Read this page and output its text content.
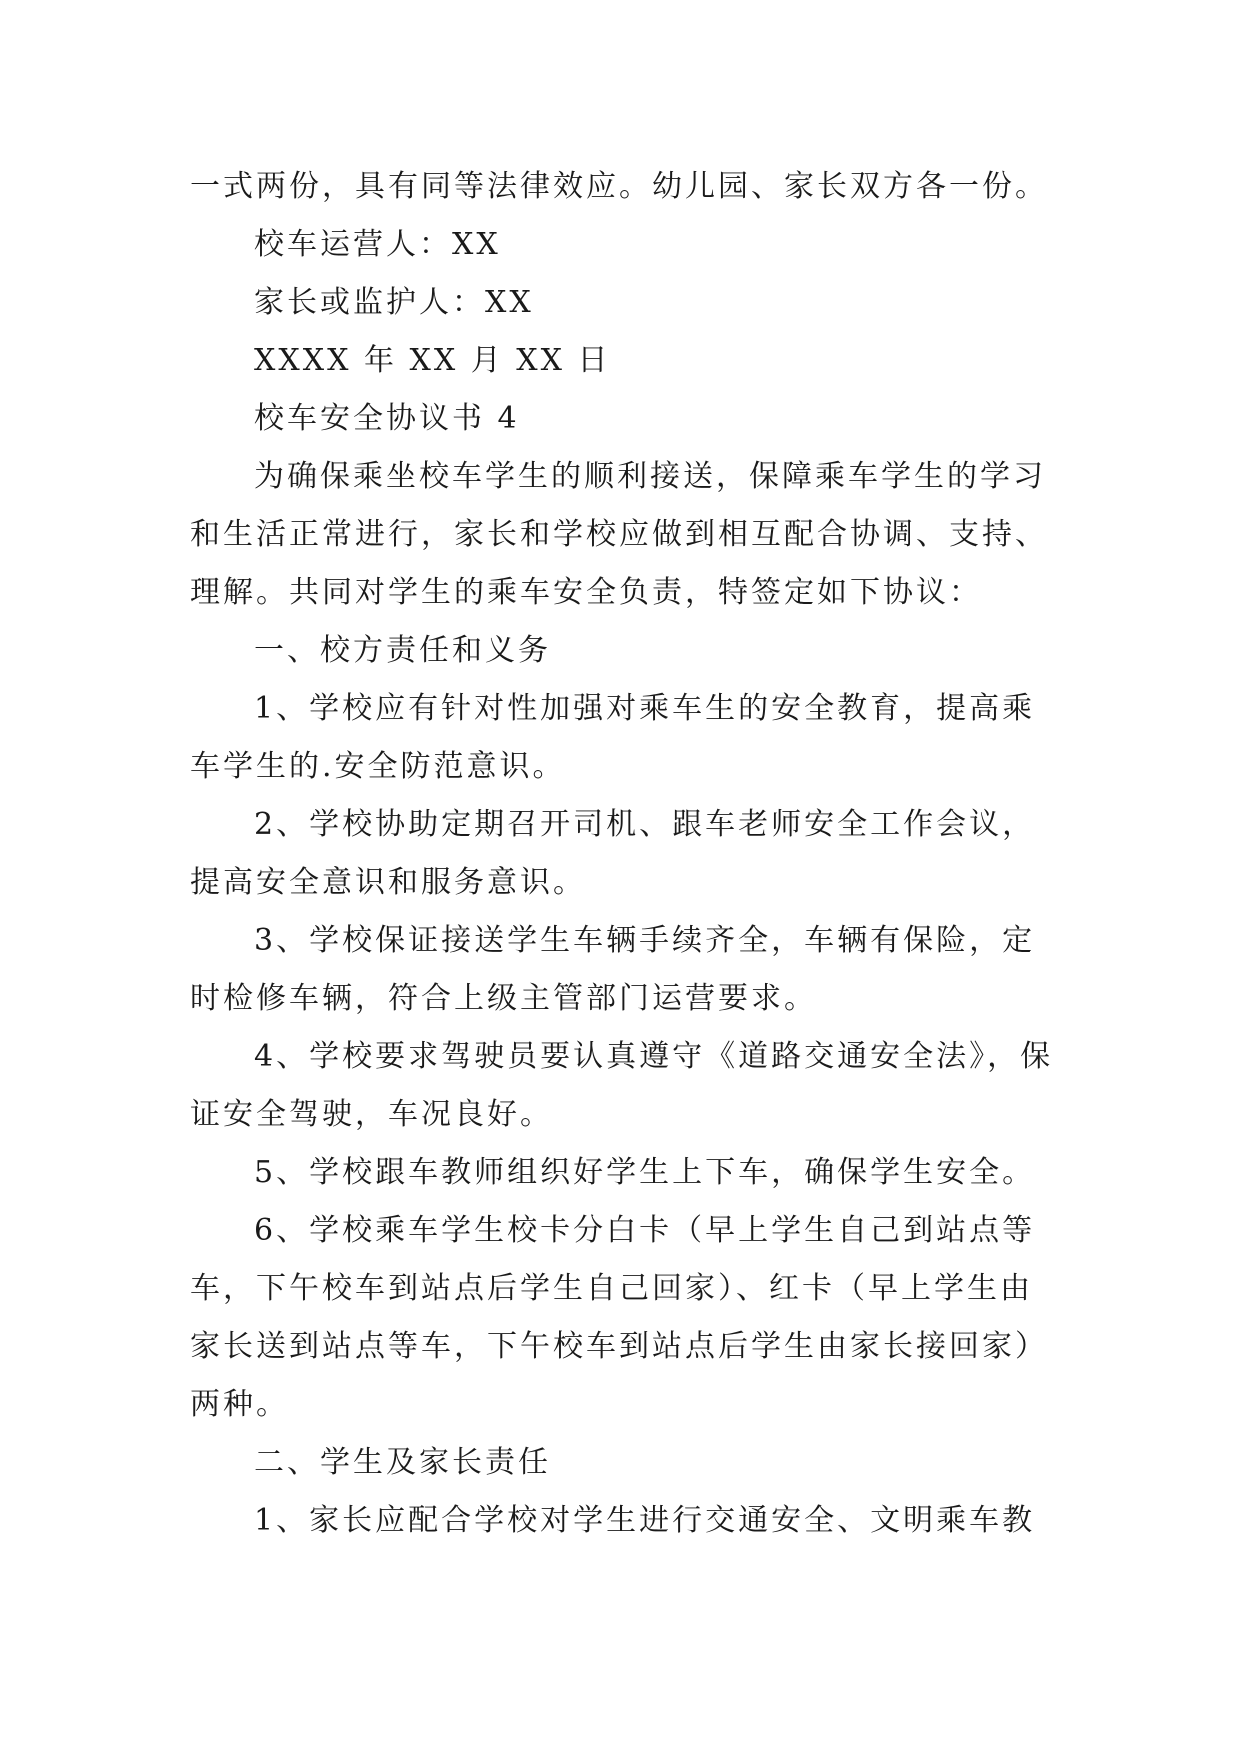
一式两份，具有同等法律效应。幼儿园、家长双方各一份。

校车运营人：XX

家长或监护人：XX

XXXX 年 XX 月 XX 日

校车安全协议书 4

为确保乘坐校车学生的顺利接送，保障乘车学生的学习

和生活正常进行，家长和学校应做到相互配合协调、支持、

理解。共同对学生的乘车安全负责，特签定如下协议：

一、校方责任和义务

1、学校应有针对性加强对乘车生的安全教育，提高乘

车学生的.安全防范意识。

2、学校协助定期召开司机、跟车老师安全工作会议，

提高安全意识和服务意识。

3、学校保证接送学生车辆手续齐全，车辆有保险，定

时检修车辆，符合上级主管部门运营要求。

4、学校要求驾驶员要认真遵守《道路交通安全法》，保

证安全驾驶，车况良好。

5、学校跟车教师组织好学生上下车，确保学生安全。

6、学校乘车学生校卡分白卡（早上学生自己到站点等

车，下午校车到站点后学生自己回家）、红卡（早上学生由

家长送到站点等车，下午校车到站点后学生由家长接回家）

两种。

二、学生及家长责任

1、家长应配合学校对学生进行交通安全、文明乘车教
